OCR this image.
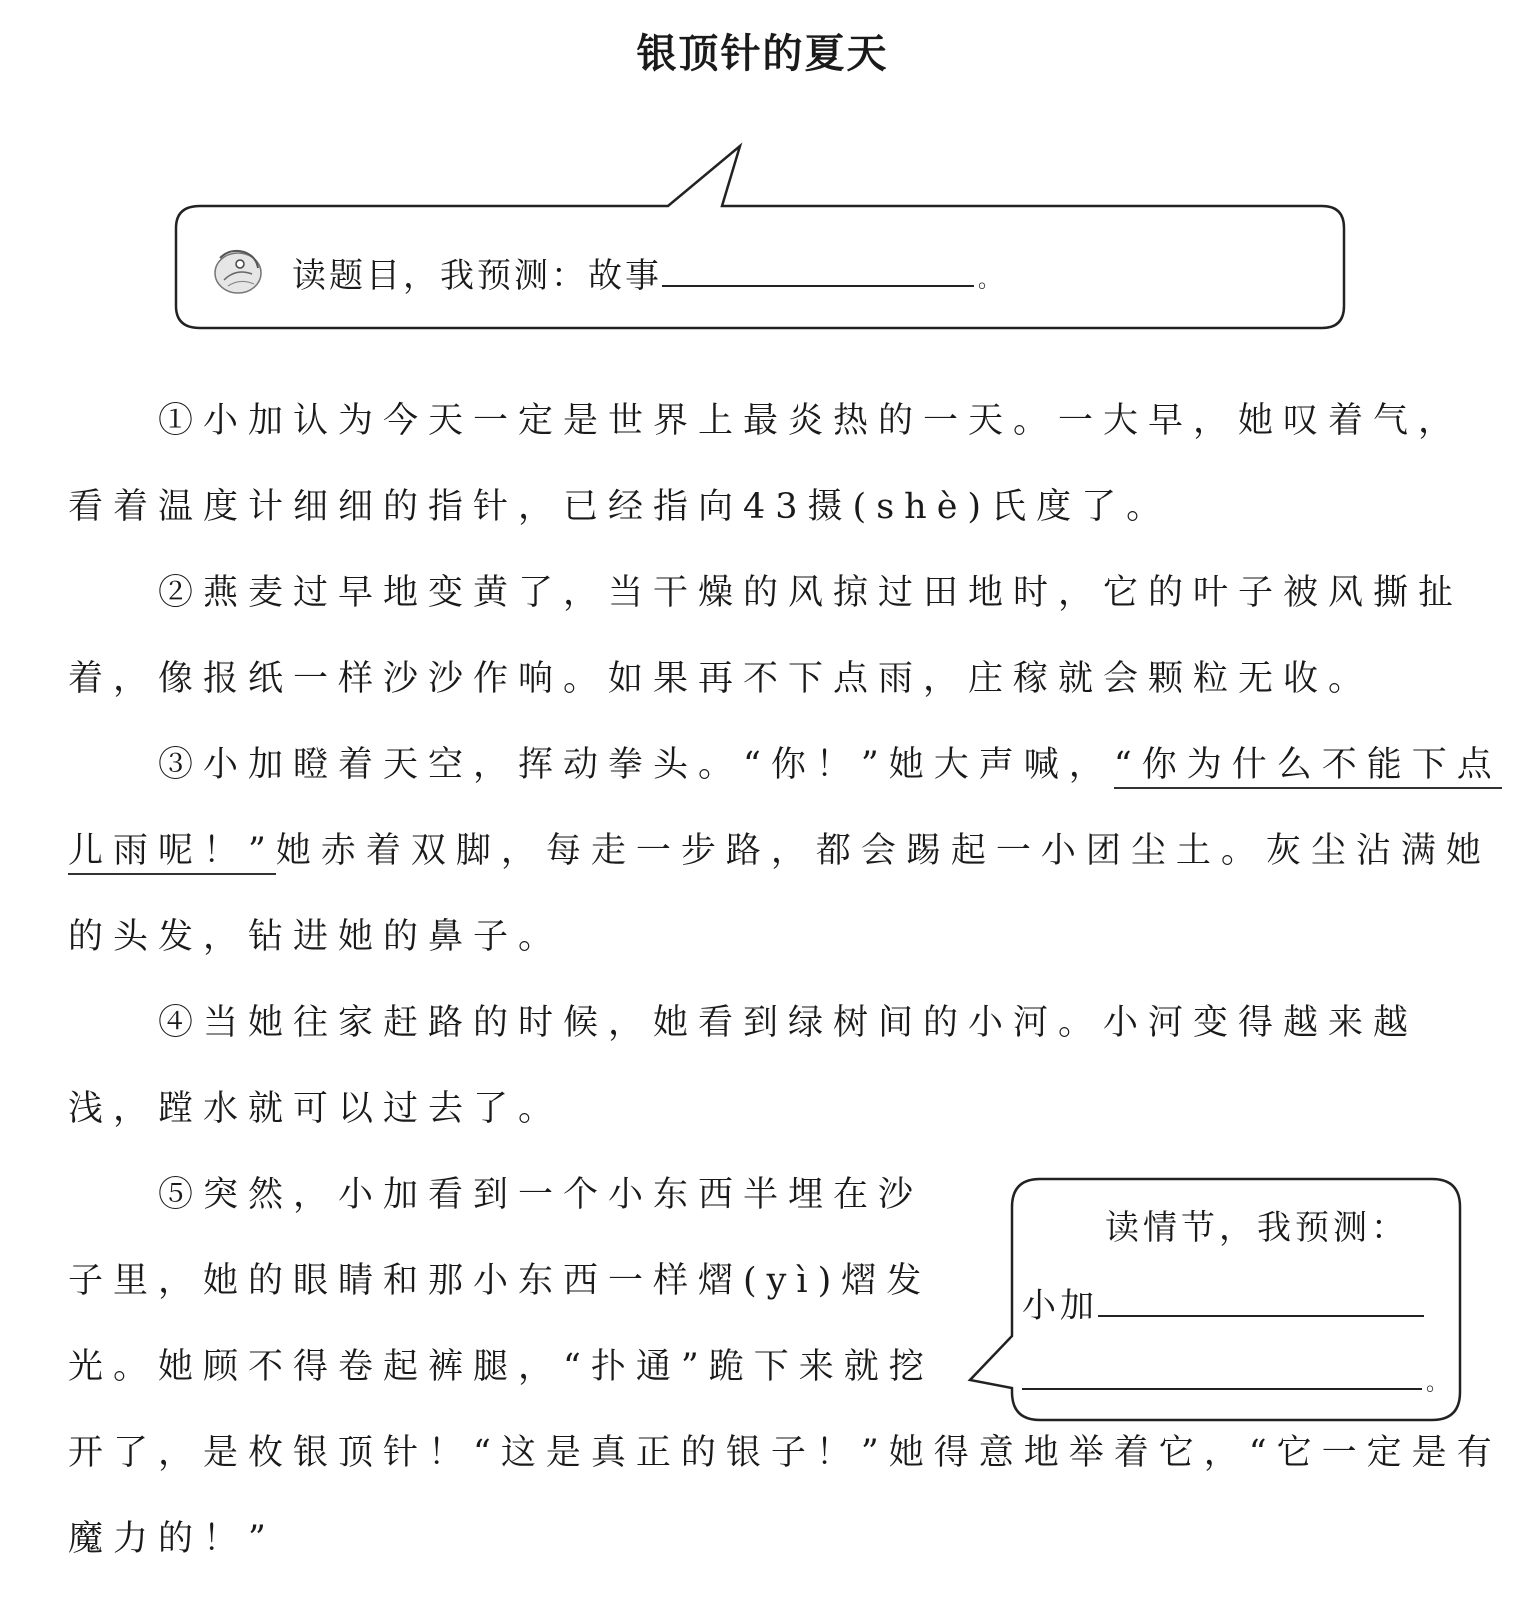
银顶针的夏天
读题目，我预测：故事	。
①小加认为今天一定是世界上最炎热的一天。一大早，她叹着气，
看着温度计细细的指针，已经指向43摄(shè)氏度了。
②燕麦过早地变黄了，当干燥的风掠过田地时，它的叶子被风撕扯
着，像报纸一样沙沙作响。如果再不下点雨，庄稼就会颗粒无收。
③小加瞪着天空，挥动拳头。“你！”她大声喊，“你为什么不能下点
儿雨呢！”她赤着双脚，每走一步路，都会踢起一小团尘土。灰尘沾满她
的头发，钻进她的鼻子。
④当她往家赶路的时候，她看到绿树间的小河。小河变得越来越
浅，蹚水就可以过去了。
⑤突然，小加看到一个小东西半埋在沙
子里，她的眼睛和那小东西一样熠(yì)熠发
光。她顾不得卷起裤腿，“扑通”跪下来就挖
开了，是枚银顶针！“这是真正的银子！”她得意地举着它，“它一定是有
魔力的！”
读情节，我预测：
小加
。
